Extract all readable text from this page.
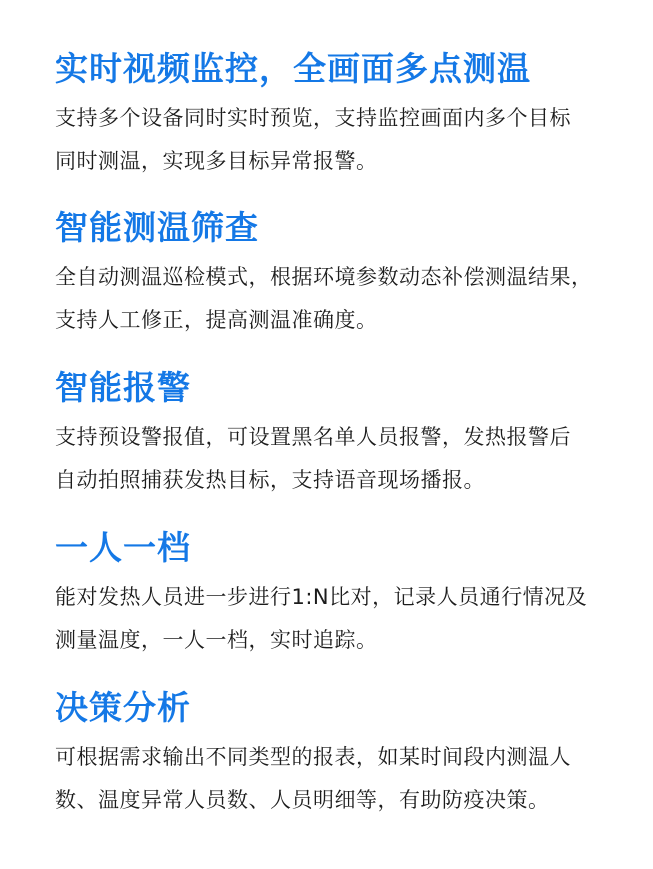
实时视频监控，全画面多点测温

支持多个设备同时实时预览，支持监控画面内多个目标
同时测温，实现多目标异常报警。

智能测温筛查

全自动测温巡检模式，根据环境参数动态补偿测温结果，
支持人工修正，提高测温准确度。

智能报警

支持预设警报值，可设置黑名单人员报警，发热报警后
自动拍照捕获发热目标，支持语音现场播报。

一人一档

能对发热人员进一步进行1:N比对，记录人员通行情况及
测量温度，一人一档，实时追踪。

决策分析

可根据需求输出不同类型的报表，如某时间段内测温人
数、温度异常人员数、人员明细等，有助防疫决策。
